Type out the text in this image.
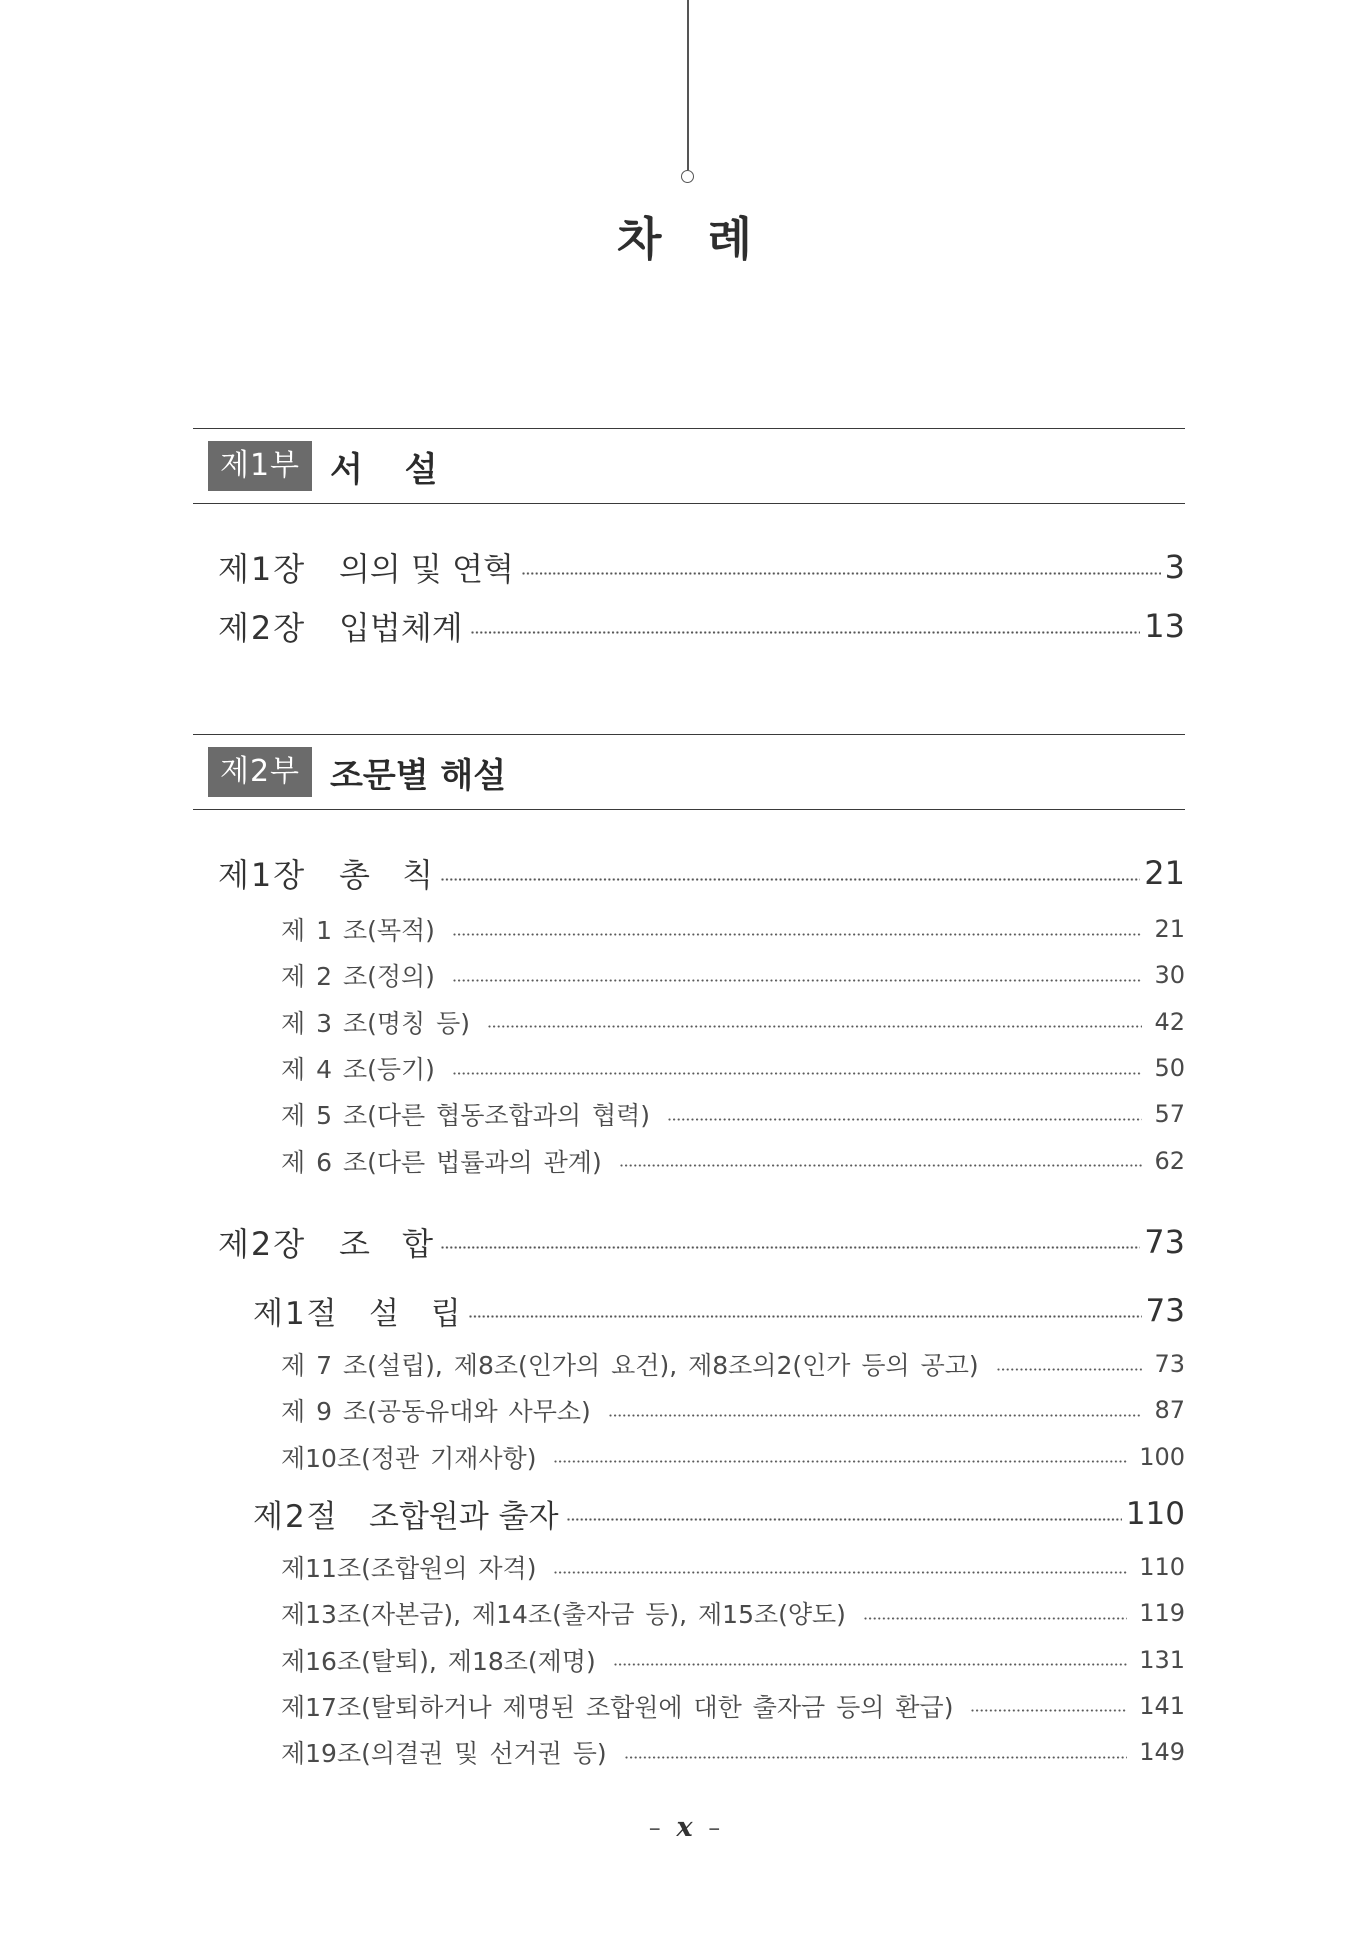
차 례
제1부 서 설
제1장	의의 및 연혁	3
제2장	입법체계	13
제2부 조문별 해설
제1장	총 칙	21
제 1 조(목적)	21
제 2 조(정의)	30
제 3 조(명칭 등)	42
제 4 조(등기)	50
제 5 조(다른 협동조합과의 협력)	57
제 6 조(다른 법률과의 관계)	62
제2장	조 합	73
제1절 설 립	73
제 7 조(설립), 제8조(인가의 요건), 제8조의2(인가 등의 공고)	73
제 9 조(공동유대와 사무소)	87
제10조(정관 기재사항)	100
제2절 조합원과 출자	110
제11조(조합원의 자격)	110
제13조(자본금), 제14조(출자금 등), 제15조(양도)	119
제16조(탈퇴), 제18조(제명)	131
제17조(탈퇴하거나 제명된 조합원에 대한 출자금 등의 환급)	141
제19조(의결권 및 선거권 등)	149
– x –
